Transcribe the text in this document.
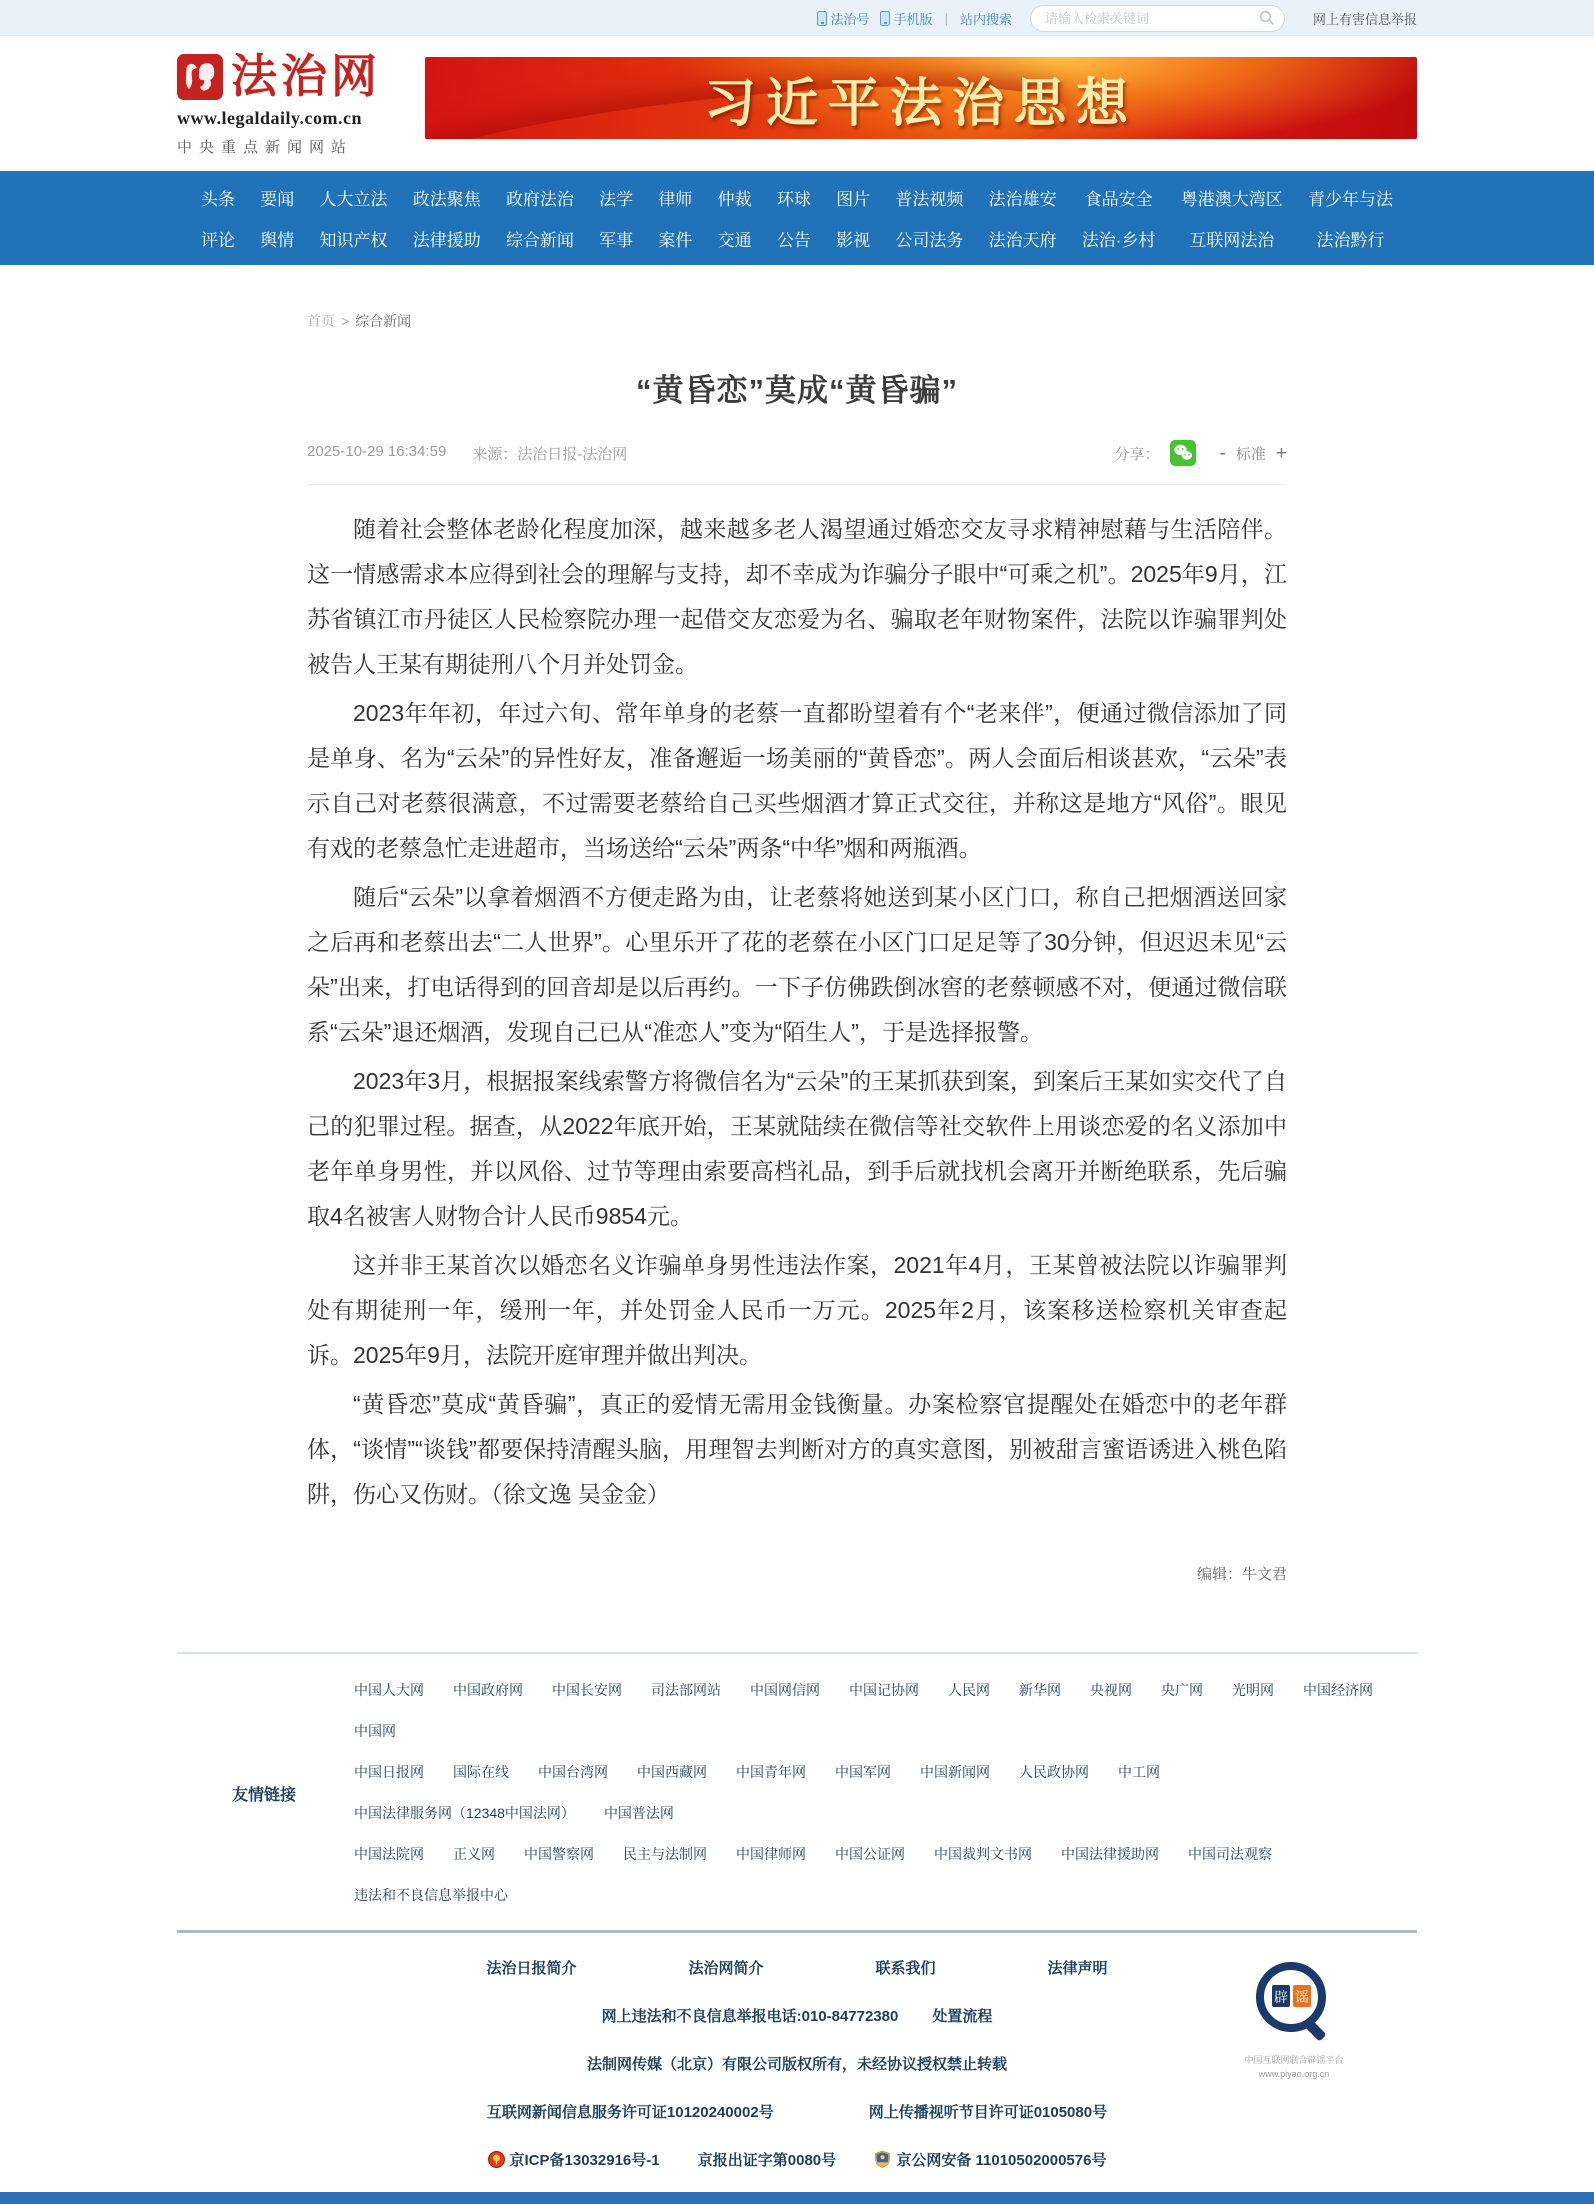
法治号 手机版 | 站内搜索
请输入检索关键词	网上有害信息举报
法治网
www.legaldaily.com.cn
中央重点新闻网站
习近平法治思想
头条 要闻 人大立法 政法聚焦 政府法治 法学 律师 仲裁 环球 图片 普法视频 法治雄安 食品安全 粤港澳大湾区 青少年与法
评论 舆情 知识产权 法律援助 综合新闻 军事 案件 交通 公告 影视 公司法务 法治天府 法治·乡村	互联网法治	法治黔行
首页 > 综合新闻
“黄昏恋”莫成“黄昏骗”
2025-10-29 16:34:59 来源：法治日报-法治网	分享：	- 标准 +

随着社会整体老龄化程度加深，越来越多老人渴望通过婚恋交友寻求精神慰藉与生活陪伴。这一情感需求本应得到社会的理解与支持，却不幸成为诈骗分子眼中“可乘之机”。2025年9月，江苏省镇江市丹徒区人民检察院办理一起借交友恋爱为名、骗取老年财物案件，法院以诈骗罪判处被告人王某有期徒刑八个月并处罚金。

2023年年初，年过六旬、常年单身的老蔡一直都盼望着有个“老来伴”，便通过微信添加了同是单身、名为“云朵”的异性好友，准备邂逅一场美丽的“黄昏恋”。两人会面后相谈甚欢，“云朵”表示自己对老蔡很满意，不过需要老蔡给自己买些烟酒才算正式交往，并称这是地方“风俗”。眼见有戏的老蔡急忙走进超市，当场送给“云朵”两条“中华”烟和两瓶酒。

随后“云朵”以拿着烟酒不方便走路为由，让老蔡将她送到某小区门口，称自己把烟酒送回家之后再和老蔡出去“二人世界”。心里乐开了花的老蔡在小区门口足足等了30分钟，但迟迟未见“云朵”出来，打电话得到的回音却是以后再约。一下子仿佛跌倒冰窖的老蔡顿感不对，便通过微信联系“云朵”退还烟酒，发现自己已从“准恋人”变为“陌生人”，于是选择报警。

2023年3月，根据报案线索警方将微信名为“云朵”的王某抓获到案，到案后王某如实交代了自己的犯罪过程。据查，从2022年底开始，王某就陆续在微信等社交软件上用谈恋爱的名义添加中老年单身男性，并以风俗、过节等理由索要高档礼品，到手后就找机会离开并断绝联系，先后骗取4名被害人财物合计人民币9854元。

这并非王某首次以婚恋名义诈骗单身男性违法作案，2021年4月，王某曾被法院以诈骗罪判处有期徒刑一年，缓刑一年，并处罚金人民币一万元。2025年2月，该案移送检察机关审查起诉。2025年9月，法院开庭审理并做出判决。

“黄昏恋”莫成“黄昏骗”，真正的爱情无需用金钱衡量。办案检察官提醒处在婚恋中的老年群体，“谈情”“谈钱”都要保持清醒头脑，用理智去判断对方的真实意图，别被甜言蜜语诱进入桃色陷阱，伤心又伤财。（徐文逸 吴金金）

编辑：牛文君
友情链接
中国人大网 中国政府网 中国长安网 司法部网站 中国网信网 中国记协网 人民网 新华网 央视网 央广网 光明网 中国经济网中国网
中国日报网 国际在线 中国台湾网 中国西藏网 中国青年网 中国军网 中国新闻网 人民政协网 中工网中国法律服务网（12348中国法网） 中国普法网
中国法院网 正义网 中国警察网 民主与法制网 中国律师网 中国公证网 中国裁判文书网 中国法律援助网 中国司法观察违法和不良信息举报中心
法治日报简介	法治网简介	联系我们	法律声明
网上违法和不良信息举报电话:010-84772380 处置流程
法制网传媒（北京）有限公司版权所有，未经协议授权禁止转载
互联网新闻信息服务许可证10120240002号	网上传播视听节目许可证0105080号
京ICP备13032916号-1	京报出证字第0080号	京公网安备 11010502000576号
辟 谣
中国互联网联合辟谣平台
www.piyao.org.cn
